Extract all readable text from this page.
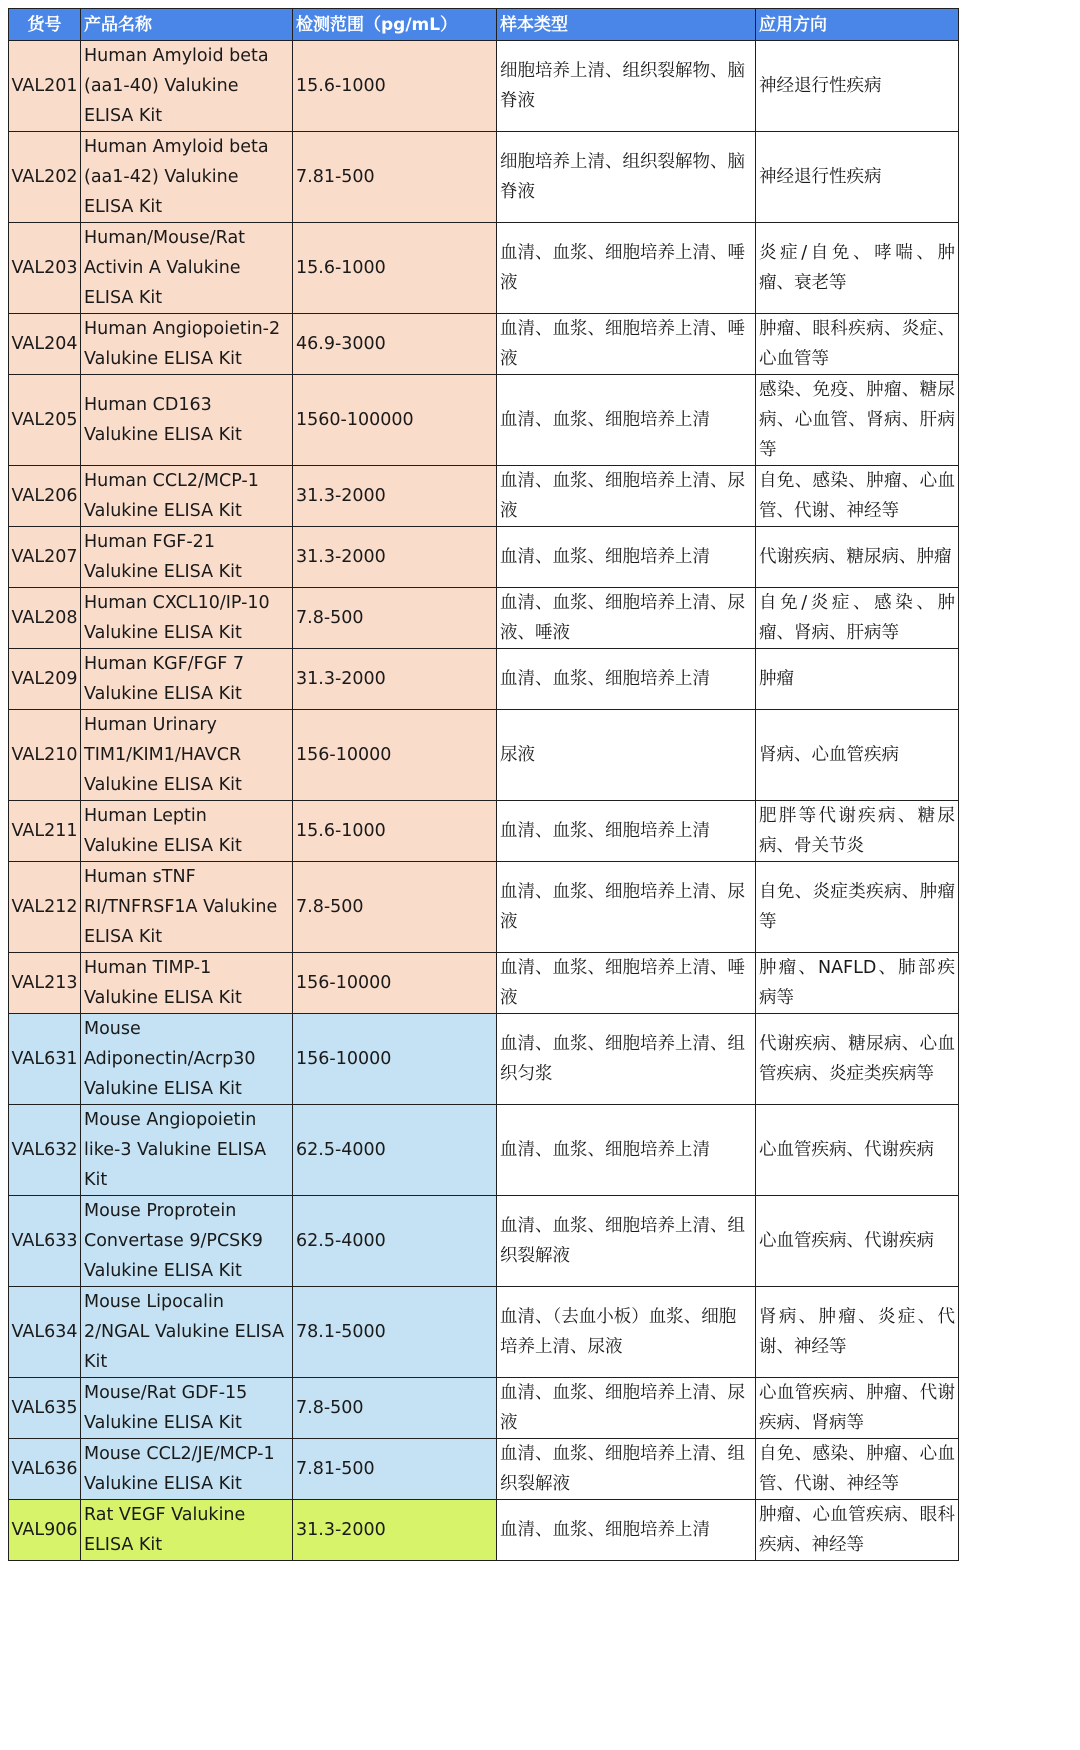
货号	产品名称	检测范围（pg/mL）	样本类型	应用方向
VAL201	Human Amyloid beta
(aa1-40) Valukine
ELISA Kit	15.6-1000	细胞培养上清、组织裂解物、脑脊液	神经退行性疾病
VAL202	Human Amyloid beta
(aa1-42) Valukine
ELISA Kit	7.81-500	细胞培养上清、组织裂解物、脑脊液	神经退行性疾病
VAL203	Human/Mouse/Rat
Activin A Valukine
ELISA Kit	15.6-1000	血清、血浆、细胞培养上清、唾液	炎症/自免、哮喘、肿瘤、衰老等
VAL204	Human Angiopoietin-2
Valukine ELISA Kit	46.9-3000	血清、血浆、细胞培养上清、唾液	肿瘤、眼科疾病、炎症、心血管等
VAL205	Human CD163
Valukine ELISA Kit	1560-100000	血清、血浆、细胞培养上清	感染、免疫、肿瘤、糖尿病、心血管、肾病、肝病等
VAL206	Human CCL2/MCP-1
Valukine ELISA Kit	31.3-2000	血清、血浆、细胞培养上清、尿液	自免、感染、肿瘤、心血管、代谢、神经等
VAL207	Human FGF-21
Valukine ELISA Kit	31.3-2000	血清、血浆、细胞培养上清	代谢疾病、糖尿病、肿瘤
VAL208	Human CXCL10/IP-10
Valukine ELISA Kit	7.8-500	血清、血浆、细胞培养上清、尿液、唾液	自免/炎症、感染、肿瘤、肾病、肝病等
VAL209	Human KGF/FGF 7
Valukine ELISA Kit	31.3-2000	血清、血浆、细胞培养上清	肿瘤
VAL210	Human Urinary
TIM1/KIM1/HAVCR
Valukine ELISA Kit	156-10000	尿液	肾病、心血管疾病
VAL211	Human Leptin
Valukine ELISA Kit	15.6-1000	血清、血浆、细胞培养上清	肥胖等代谢疾病、糖尿病、骨关节炎
VAL212	Human sTNF
RI/TNFRSF1A Valukine
ELISA Kit	7.8-500	血清、血浆、细胞培养上清、尿液	自免、炎症类疾病、肿瘤等
VAL213	Human TIMP-1
Valukine ELISA Kit	156-10000	血清、血浆、细胞培养上清、唾液	肿瘤、NAFLD、肺部疾病等
VAL631	Mouse
Adiponectin/Acrp30
Valukine ELISA Kit	156-10000	血清、血浆、细胞培养上清、组织匀浆	代谢疾病、糖尿病、心血管疾病、炎症类疾病等
VAL632	Mouse Angiopoietin
like-3 Valukine ELISA
Kit	62.5-4000	血清、血浆、细胞培养上清	心血管疾病、代谢疾病
VAL633	Mouse Proprotein
Convertase 9/PCSK9
Valukine ELISA Kit	62.5-4000	血清、血浆、细胞培养上清、组织裂解液	心血管疾病、代谢疾病
VAL634	Mouse Lipocalin
2/NGAL Valukine ELISA
Kit	78.1-5000	血清、（去血小板）血浆、细胞培养上清、尿液	肾病、肿瘤、炎症、代谢、神经等
VAL635	Mouse/Rat GDF-15
Valukine ELISA Kit	7.8-500	血清、血浆、细胞培养上清、尿液	心血管疾病、肿瘤、代谢疾病、肾病等
VAL636	Mouse CCL2/JE/MCP-1
Valukine ELISA Kit	7.81-500	血清、血浆、细胞培养上清、组织裂解液	自免、感染、肿瘤、心血管、代谢、神经等
VAL906	Rat VEGF Valukine
ELISA Kit	31.3-2000	血清、血浆、细胞培养上清	肿瘤、心血管疾病、眼科疾病、神经等
